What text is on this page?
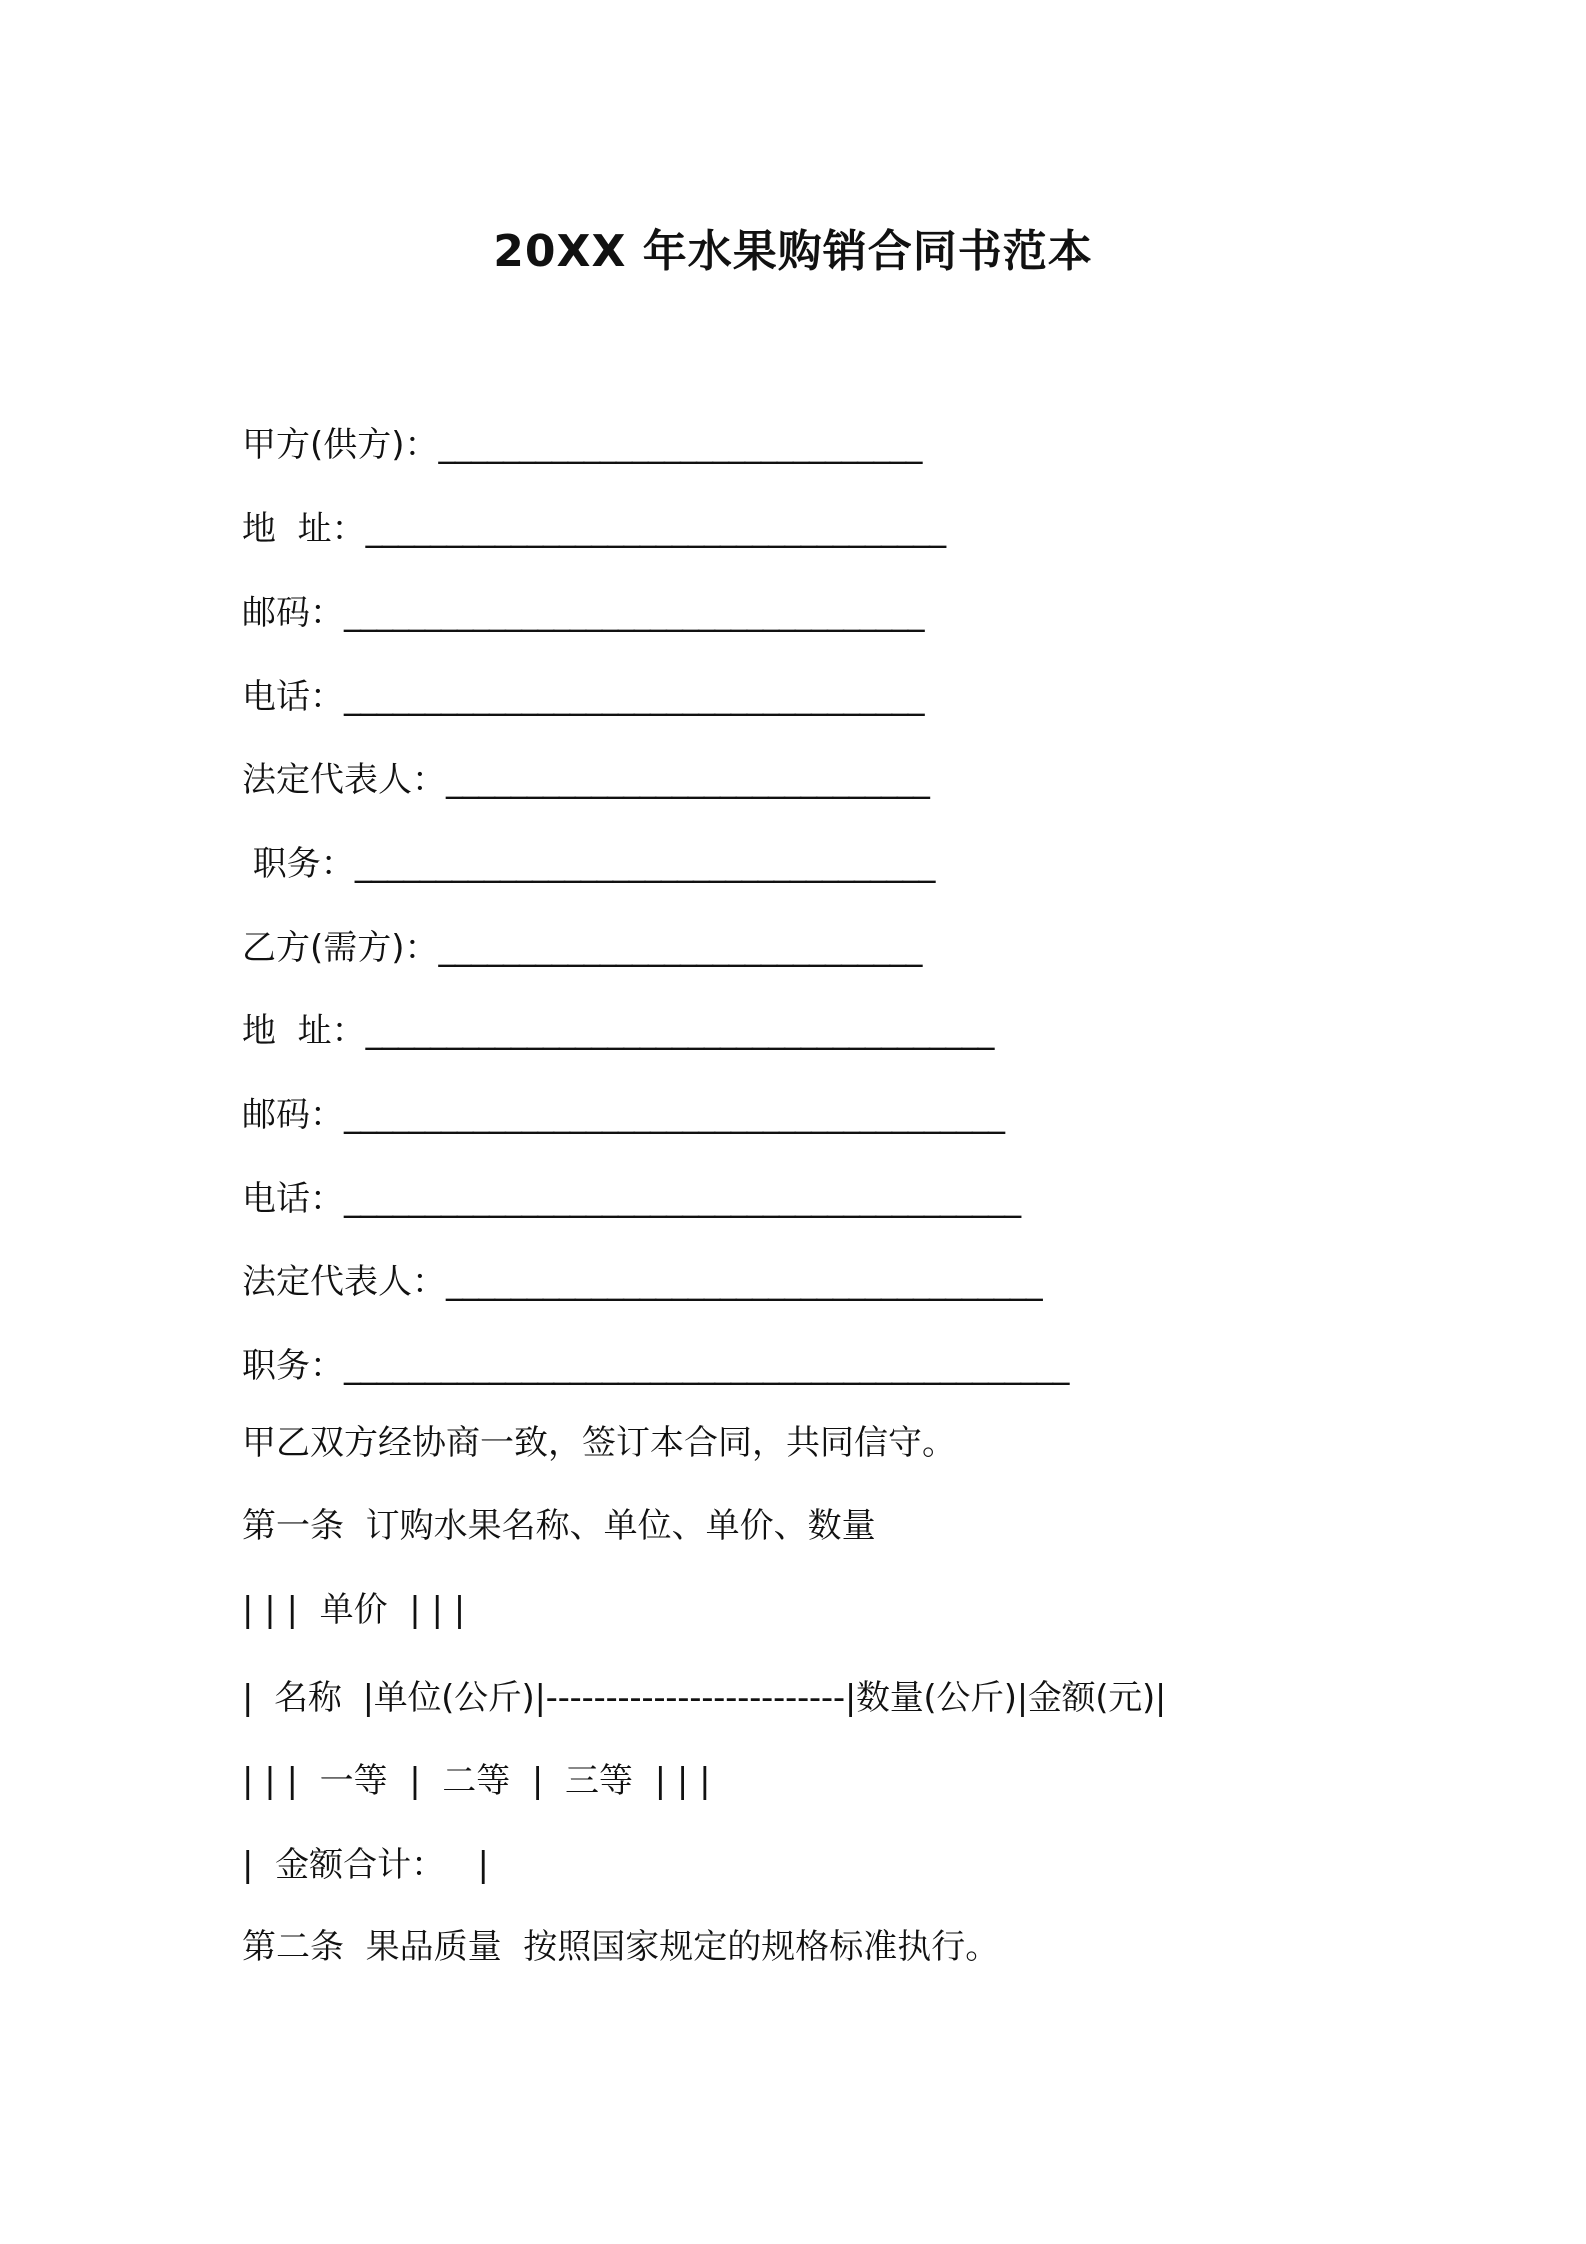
20XX 年水果购销合同书范本
甲方(供方)：______________________________
地  址：____________________________________
邮码：____________________________________
电话：____________________________________
法定代表人：______________________________
职务：____________________________________
乙方(需方)：______________________________
地  址：_______________________________________
邮码：_________________________________________
电话：__________________________________________
法定代表人：_____________________________________
职务：_____________________________________________
甲乙双方经协商一致，签订本合同，共同信守。
第一条  订购水果名称、单位、单价、数量
| | |  单价  | | |
|  名称  |单位(公斤)|-------------------------|数量(公斤)|金额(元)|
| | |  一等  |  二等  |  三等  | | |
|  金额合计：   |
第二条  果品质量  按照国家规定的规格标准执行。
